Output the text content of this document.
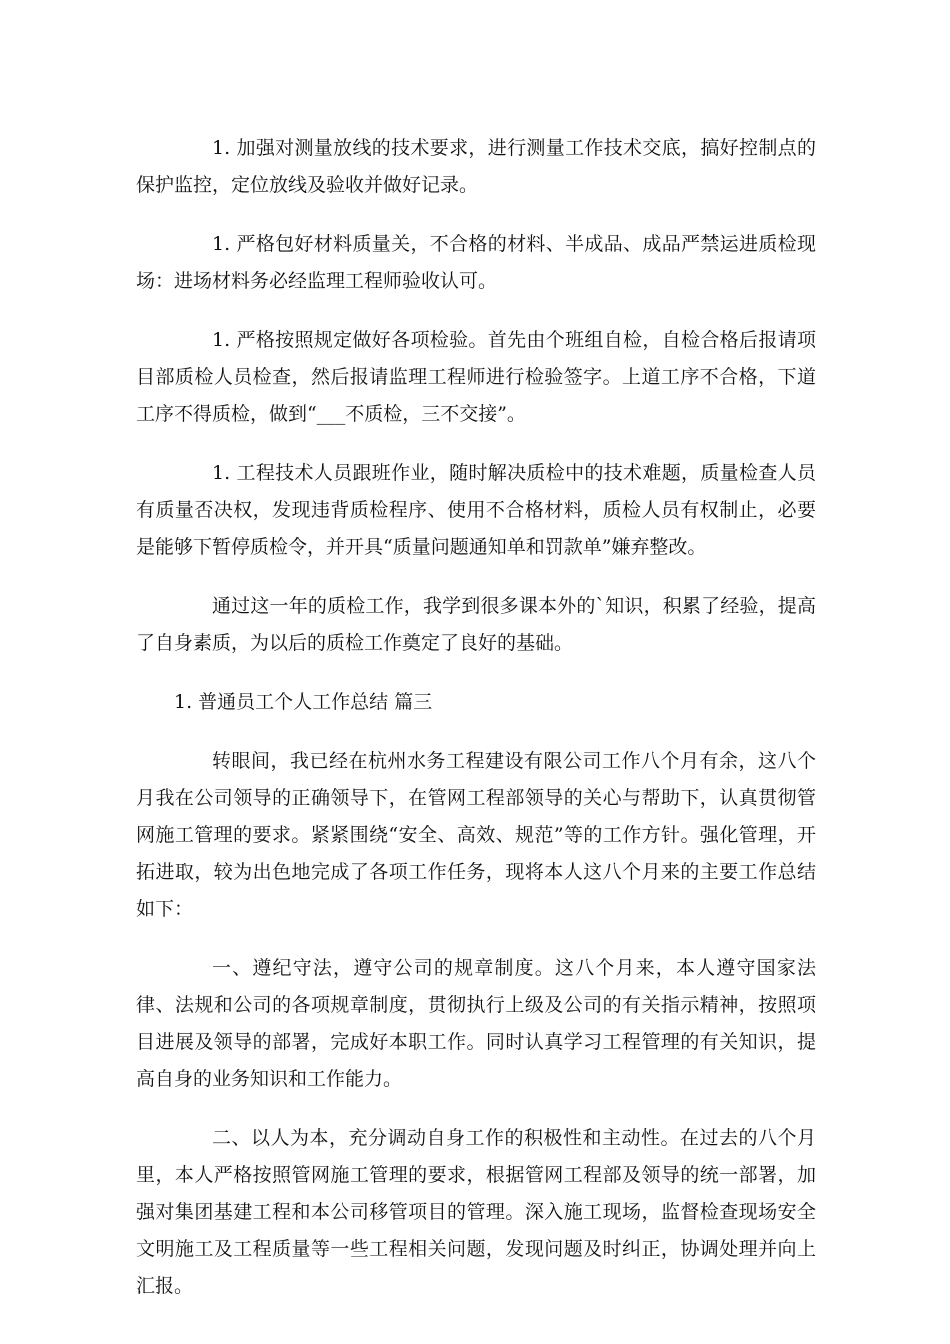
1. 加强对测量放线的技术要求，进行测量工作技术交底，搞好控制点的保护监控，定位放线及验收并做好记录。

1. 严格包好材料质量关，不合格的材料、半成品、成品严禁运进质检现场：进场材料务必经监理工程师验收认可。

1. 严格按照规定做好各项检验。首先由个班组自检，自检合格后报请项目部质检人员检查，然后报请监理工程师进行检验签字。上道工序不合格，下道工序不得质检，做到“___不质检，三不交接”。

1. 工程技术人员跟班作业，随时解决质检中的技术难题，质量检查人员有质量否决权，发现违背质检程序、使用不合格材料，质检人员有权制止，必要是能够下暂停质检令，并开具“质量问题通知单和罚款单”嫌弃整改。

通过这一年的质检工作，我学到很多课本外的`知识，积累了经验，提高了自身素质，为以后的质检工作奠定了良好的基础。

1. 普通员工个人工作总结 篇三

转眼间，我已经在杭州水务工程建设有限公司工作八个月有余，这八个月我在公司领导的正确领导下，在管网工程部领导的关心与帮助下，认真贯彻管网施工管理的要求。紧紧围绕“安全、高效、规范”等的工作方针。强化管理，开拓进取，较为出色地完成了各项工作任务，现将本人这八个月来的主要工作总结如下：

一、遵纪守法，遵守公司的规章制度。这八个月来，本人遵守国家法律、法规和公司的各项规章制度，贯彻执行上级及公司的有关指示精神，按照项目进展及领导的部署，完成好本职工作。同时认真学习工程管理的有关知识，提高自身的业务知识和工作能力。

二、以人为本，充分调动自身工作的积极性和主动性。在过去的八个月里，本人严格按照管网施工管理的要求，根据管网工程部及领导的统一部署，加强对集团基建工程和本公司移管项目的管理。深入施工现场，监督检查现场安全文明施工及工程质量等一些工程相关问题，发现问题及时纠正，协调处理并向上汇报。
